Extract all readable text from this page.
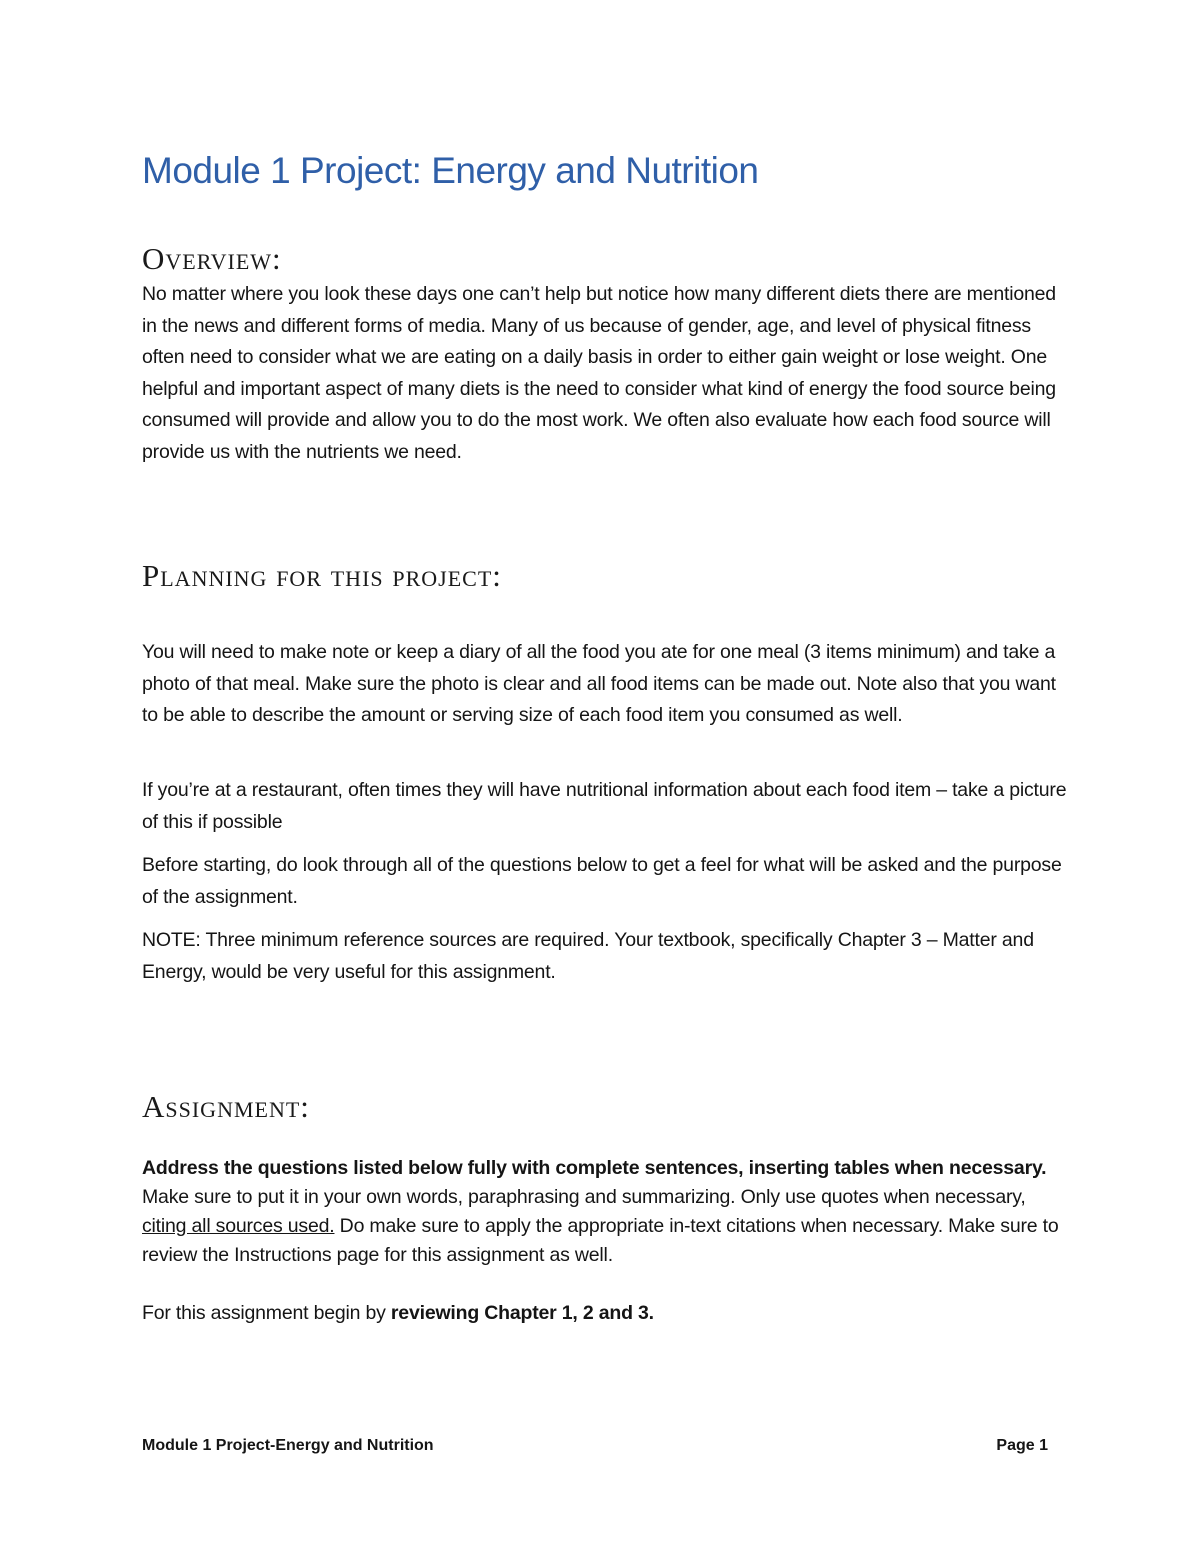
Module 1 Project: Energy and Nutrition
Overview:

No matter where you look these days one can’t help but notice how many different diets there are mentioned in the news and different forms of media. Many of us because of gender, age, and level of physical fitness often need to consider what we are eating on a daily basis in order to either gain weight or lose weight. One helpful and important aspect of many diets is the need to consider what kind of energy the food source being consumed will provide and allow you to do the most work. We often also evaluate how each food source will provide us with the nutrients we need.

Planning for this project:

You will need to make note or keep a diary of all the food you ate for one meal (3 items minimum) and take a photo of that meal. Make sure the photo is clear and all food items can be made out. Note also that you want to be able to describe the amount or serving size of each food item you consumed as well.

If you’re at a restaurant, often times they will have nutritional information about each food item – take a picture of this if possible

Before starting, do look through all of the questions below to get a feel for what will be asked and the purpose of the assignment.

NOTE: Three minimum reference sources are required. Your textbook, specifically Chapter 3 – Matter and Energy, would be very useful for this assignment.

Assignment:

Address the questions listed below fully with complete sentences, inserting tables when necessary. Make sure to put it in your own words, paraphrasing and summarizing. Only use quotes when necessary, citing all sources used. Do make sure to apply the appropriate in-text citations when necessary. Make sure to review the Instructions page for this assignment as well.

For this assignment begin by reviewing Chapter 1, 2 and 3.

Module 1 Project-Energy and Nutrition	Page 1
